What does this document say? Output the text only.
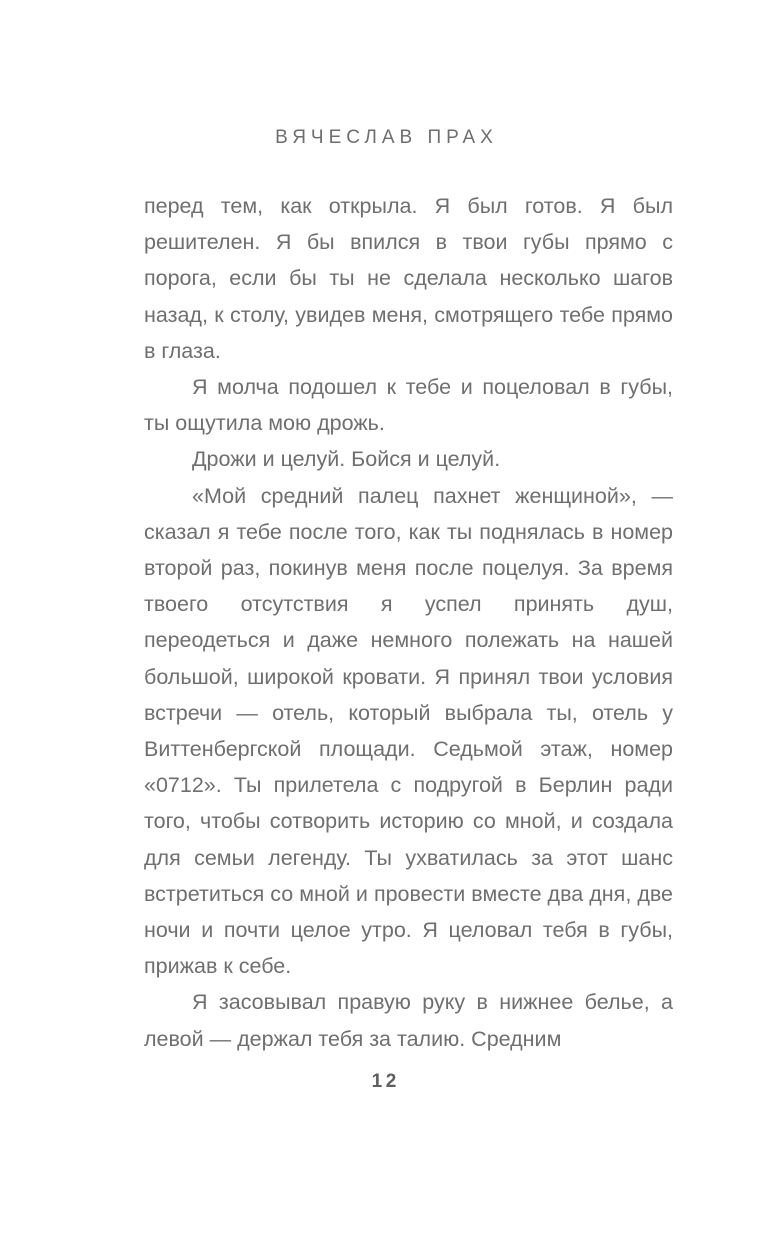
ВЯЧЕСЛАВ ПРАХ

перед тем, как открыла. Я был готов. Я был решителен. Я бы впился в твои губы прямо с порога, если бы ты не сделала несколько шагов назад, к столу, увидев меня, смотрящего тебе прямо в глаза.

Я молча подошел к тебе и поцеловал в губы, ты ощутила мою дрожь.

Дрожи и целуй. Бойся и целуй.

«Мой средний палец пахнет женщиной», — сказал я тебе после того, как ты поднялась в номер второй раз, покинув меня после поцелуя. За время твоего отсутствия я успел принять душ, переодеться и даже немного полежать на нашей большой, широкой кровати. Я принял твои условия встречи — отель, который выбрала ты, отель у Виттенбергской площади. Седьмой этаж, номер «0712». Ты прилетела с подругой в Берлин ради того, чтобы сотворить историю со мной, и создала для семьи легенду. Ты ухватилась за этот шанс встретиться со мной и провести вместе два дня, две ночи и почти целое утро. Я целовал тебя в губы, прижав к себе.

Я засовывал правую руку в нижнее белье, а левой — держал тебя за талию. Средним

12
